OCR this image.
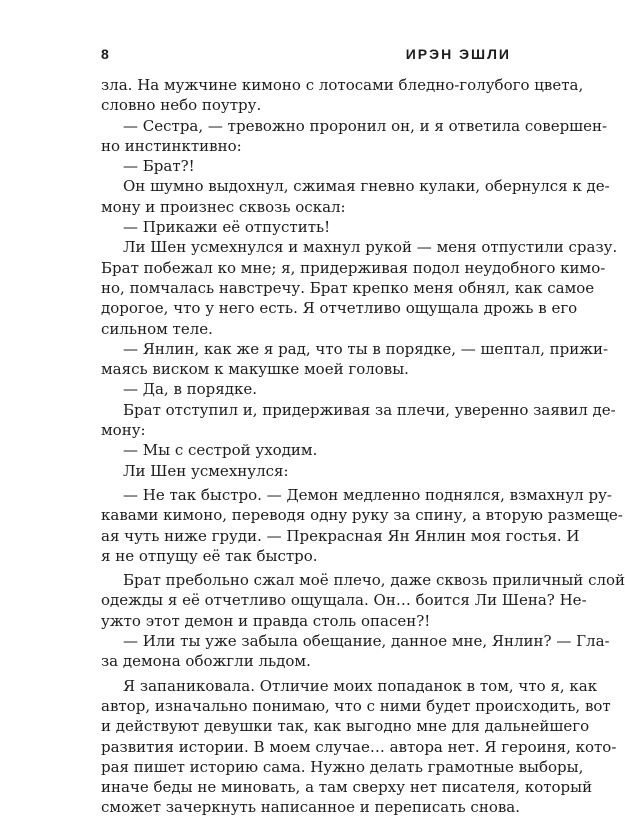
8	ИРЭН ЭШЛИ
зла. На мужчине кимоно с лотосами бледно-голубого цвета,
словно небо поутру.
— Сестра, — тревожно проронил он, и я ответила совершен-
но инстинктивно:
— Брат?!
Он шумно выдохнул, сжимая гневно кулаки, обернулся к де-
мону и произнес сквозь оскал:
— Прикажи её отпустить!
Ли Шен усмехнулся и махнул рукой — меня отпустили сразу.
Брат побежал ко мне; я, придерживая подол неудобного кимо-
но, помчалась навстречу. Брат крепко меня обнял, как самое
дорогое, что у него есть. Я отчетливо ощущала дрожь в его
сильном теле.
— Янлин, как же я рад, что ты в порядке, — шептал, прижи-
маясь виском к макушке моей головы.
— Да, в порядке.
Брат отступил и, придерживая за плечи, уверенно заявил де-
мону:
— Мы с сестрой уходим.
Ли Шен усмехнулся:
— Не так быстро. — Демон медленно поднялся, взмахнул ру-
кавами кимоно, переводя одну руку за спину, а вторую размеще-
ая чуть ниже груди. — Прекрасная Ян Янлин моя гостья. И
я не отпущу её так быстро.
Брат пребольно сжал моё плечо, даже сквозь приличный слой
одежды я её отчетливо ощущала. Он… боится Ли Шена? Не-
ужто этот демон и правда столь опасен?!
— Или ты уже забыла обещание, данное мне, Янлин? — Гла-
за демона обожгли льдом.
Я запаниковала. Отличие моих попаданок в том, что я, как
автор, изначально понимаю, что с ними будет происходить, вот
и действуют девушки так, как выгодно мне для дальнейшего
развития истории. В моем случае… автора нет. Я героиня, кото-
рая пишет историю сама. Нужно делать грамотные выборы,
иначе беды не миновать, а там сверху нет писателя, который
сможет зачеркнуть написанное и переписать снова.
